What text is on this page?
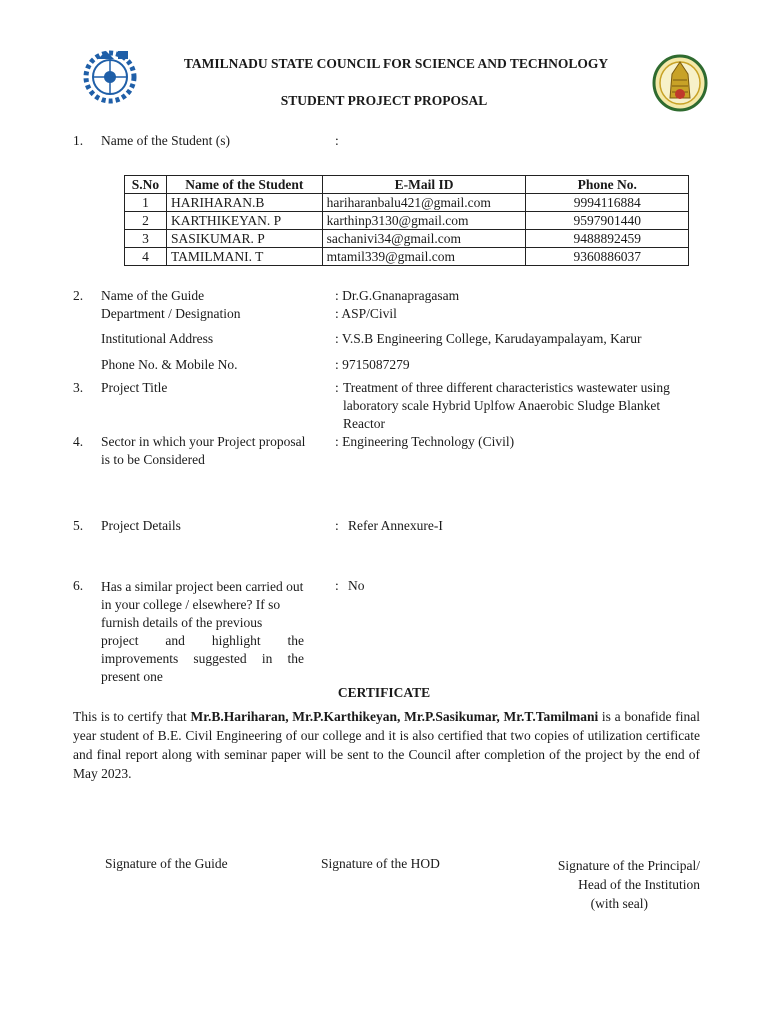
TAMILNADU STATE COUNCIL FOR SCIENCE AND TECHNOLOGY
STUDENT PROJECT PROPOSAL
1. Name of the Student (s)	:
S.No	Name of the Student	E-Mail ID	Phone No.
1	HARIHARAN.B	hariharanbalu421@gmail.com	9994116884
2	KARTHIKEYAN. P	karthinp3130@gmail.com	9597901440
3	SASIKUMAR. P	sachanivi34@gmail.com	9488892459
4	TAMILMANI. T	mtamil339@gmail.com	9360886037
2. Name of the Guide	: Dr.G.Gnanapragasam
Department / Designation	: ASP/Civil
Institutional Address	: V.S.B Engineering College, Karudayampalayam, Karur
Phone No. & Mobile No.	: 9715087279
3. Project Title	: Treatment of three different characteristics wastewater using
laboratory scale Hybrid Uplfow Anaerobic Sludge Blanket
Reactor
4. Sector in which your Project proposal
is to be Considered
: Engineering Technology (Civil)
5. Project Details	: Refer Annexure-I
6. Has a similar project been carried out
in your college / elsewhere? If so
furnish details of the previous
project and highlight the
improvements suggested in the
present one
: No
CERTIFICATE
This is to certify that Mr.B.Hariharan, Mr.P.Karthikeyan, Mr.P.Sasikumar, Mr.T.Tamilmani is a bonafide final year student of B.E. Civil Engineering of our college and it is also certified that two copies of utilization certificate and final report along with seminar paper will be sent to the Council after completion of the project by the end of May 2023.
Signature of the Guide	Signature of the HOD	Signature of the Principal/
Head of the Institution
(with seal)
